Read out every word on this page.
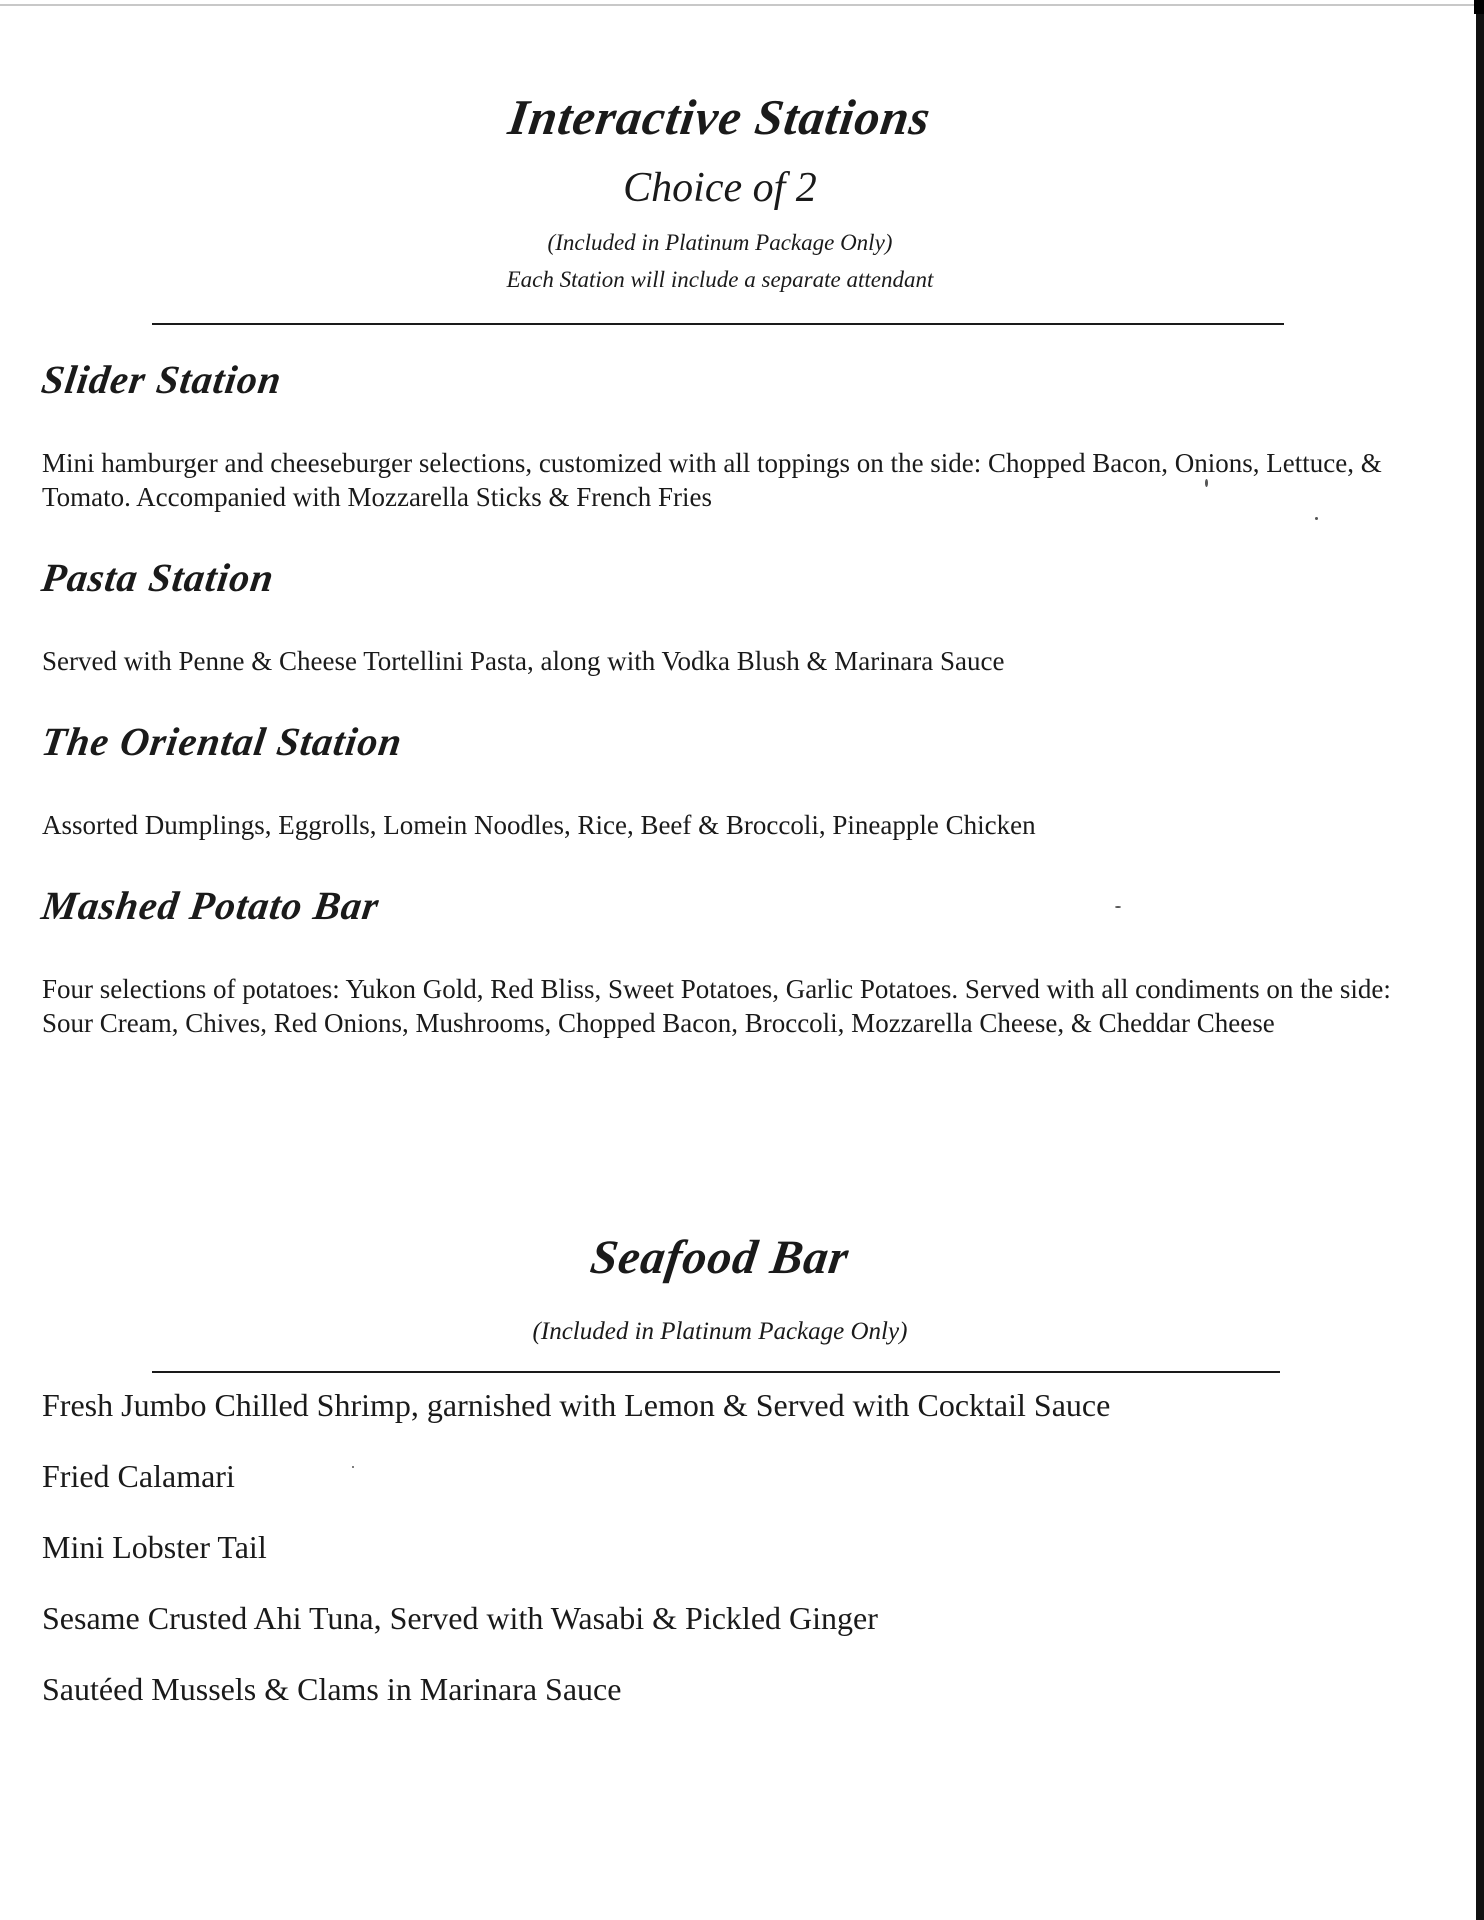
Interactive Stations
Choice of 2
(Included in Platinum Package Only)
Each Station will include a separate attendant
Slider Station

Mini hamburger and cheeseburger selections, customized with all toppings on the side: Chopped Bacon, Onions, Lettuce, & Tomato. Accompanied with Mozzarella Sticks & French Fries

Pasta Station

Served with Penne & Cheese Tortellini Pasta, along with Vodka Blush & Marinara Sauce

The Oriental Station

Assorted Dumplings, Eggrolls, Lomein Noodles, Rice, Beef & Broccoli, Pineapple Chicken

Mashed Potato Bar

Four selections of potatoes: Yukon Gold, Red Bliss, Sweet Potatoes, Garlic Potatoes. Served with all condiments on the side: Sour Cream, Chives, Red Onions, Mushrooms, Chopped Bacon, Broccoli, Mozzarella Cheese, & Cheddar Cheese

Seafood Bar
(Included in Platinum Package Only)
Fresh Jumbo Chilled Shrimp, garnished with Lemon & Served with Cocktail Sauce
Fried Calamari
Mini Lobster Tail
Sesame Crusted Ahi Tuna, Served with Wasabi & Pickled Ginger
Sautéed Mussels & Clams in Marinara Sauce
